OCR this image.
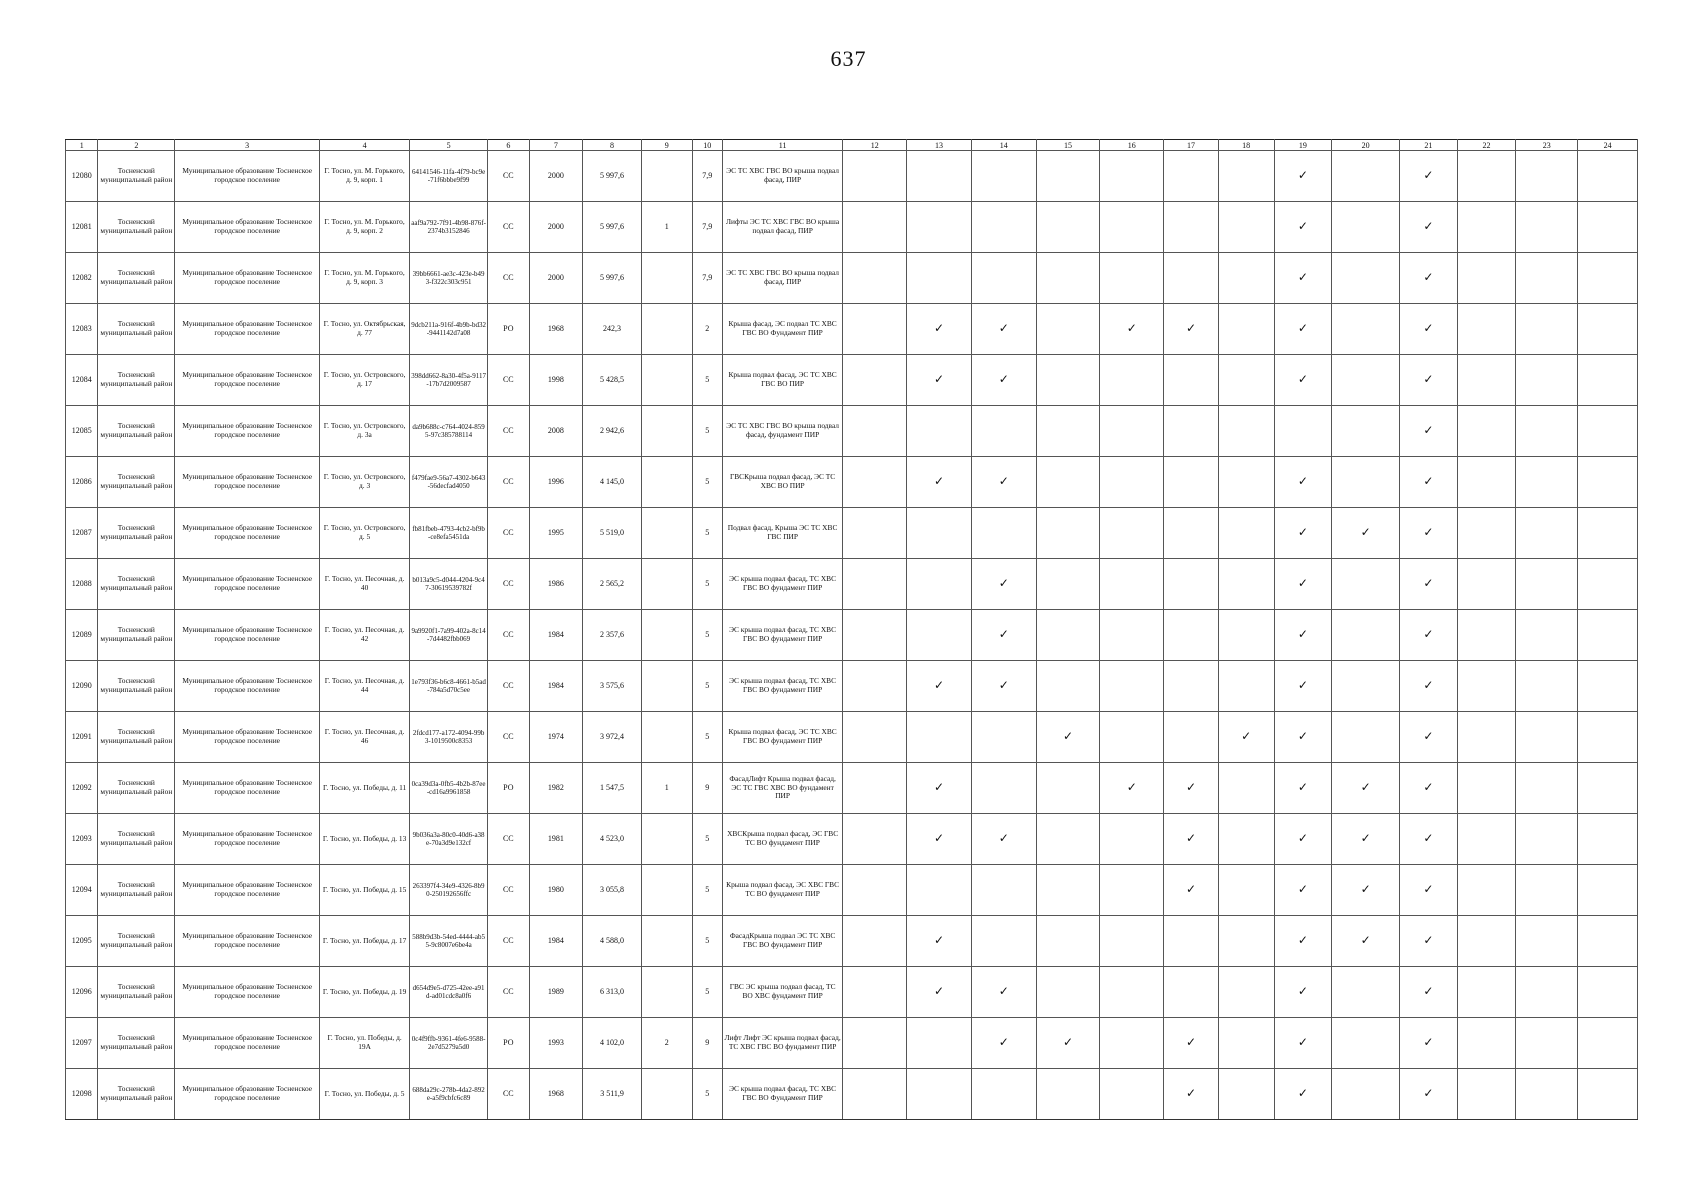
637
1	2	3	4	5	6	7	8	9	10	11	12	13	14	15	16	17	18	19	20	21	22	23	24
12080	Тосненский муниципальный район	Муниципальное образование Тосненское городское поселение	Г. Тосно, ул. М. Горького, д. 9, корп. 1	64141546-11fa-4f79-bc9e-71f6bbbe9f99	СС	2000	5 997,6		7,9	ЭС ТС ХВС ГВС ВО крыша подвал фасад, ПИР								✓		✓			
12081	Тосненский муниципальный район	Муниципальное образование Тосненское городское поселение	Г. Тосно, ул. М. Горького, д. 9, корп. 2	aaf9a792-7f91-4b98-876f-2374b3152846	СС	2000	5 997,6	1	7,9	Лифты ЭС ТС ХВС ГВС ВО крыша подвал фасад, ПИР								✓		✓			
12082	Тосненский муниципальный район	Муниципальное образование Тосненское городское поселение	Г. Тосно, ул. М. Горького, д. 9, корп. 3	39bb6661-ae3c-423e-b493-f322c303c951	СС	2000	5 997,6		7,9	ЭС ТС ХВС ГВС ВО крыша подвал фасад, ПИР								✓		✓			
12083	Тосненский муниципальный район	Муниципальное образование Тосненское городское поселение	Г. Тосно, ул. Октябрьская, д. 77	9dcb211a-916f-4b9b-bd32-9441142d7a08	РО	1968	242,3		2	Крыша фасад, ЭС подвал ТС ХВС ГВС ВО Фундамент ПИР		✓	✓		✓	✓		✓		✓			
12084	Тосненский муниципальный район	Муниципальное образование Тосненское городское поселение	Г. Тосно, ул. Островского, д. 17	398dd662-8a30-4f5a-9117-17b7d2009587	СС	1998	5 428,5		5	Крыша подвал фасад, ЭС ТС ХВС ГВС ВО ПИР		✓	✓					✓		✓			
12085	Тосненский муниципальный район	Муниципальное образование Тосненское городское поселение	Г. Тосно, ул. Островского, д. 3а	da9b688c-c764-4024-8595-97c385788114	СС	2008	2 942,6		5	ЭС ТС ХВС ГВС ВО крыша подвал фасад, фундамент ПИР										✓			
12086	Тосненский муниципальный район	Муниципальное образование Тосненское городское поселение	Г. Тосно, ул. Островского, д. 3	f479fae9-56a7-4302-b643-56decfad4050	СС	1996	4 145,0		5	ГВСКрыша подвал фасад, ЭС ТС ХВС ВО ПИР		✓	✓					✓		✓			
12087	Тосненский муниципальный район	Муниципальное образование Тосненское городское поселение	Г. Тосно, ул. Островского, д. 5	fb81fbeb-4793-4cb2-bf9b-ce8efa5451da	СС	1995	5 519,0		5	Подвал фасад, Крыша ЭС ТС ХВС ГВС ПИР								✓	✓	✓			
12088	Тосненский муниципальный район	Муниципальное образование Тосненское городское поселение	Г. Тосно, ул. Песочная, д. 40	b013a9c5-d044-4204-9c47-30619539782f	СС	1986	2 565,2		5	ЭС крыша подвал фасад, ТС ХВС ГВС ВО фундамент ПИР			✓					✓		✓			
12089	Тосненский муниципальный район	Муниципальное образование Тосненское городское поселение	Г. Тосно, ул. Песочная, д. 42	9a9920f1-7a99-402a-8c14-7d4482fbb069	СС	1984	2 357,6		5	ЭС крыша подвал фасад, ТС ХВС ГВС ВО фундамент ПИР			✓					✓		✓			
12090	Тосненский муниципальный район	Муниципальное образование Тосненское городское поселение	Г. Тосно, ул. Песочная, д. 44	1e793f36-b6c8-4661-b5ad-784a5d70c5ee	СС	1984	3 575,6		5	ЭС крыша подвал фасад, ТС ХВС ГВС ВО фундамент ПИР		✓	✓					✓		✓			
12091	Тосненский муниципальный район	Муниципальное образование Тосненское городское поселение	Г. Тосно, ул. Песочная, д. 46	2fdcd177-a172-4094-99b3-1019500c8353	СС	1974	3 972,4		5	Крыша подвал фасад, ЭС ТС ХВС ГВС ВО фундамент ПИР				✓			✓	✓		✓			
12092	Тосненский муниципальный район	Муниципальное образование Тосненское городское поселение	Г. Тосно, ул. Победы, д. 11	0ca39d3a-0fb5-4b2b-87ee-cd16a9961858	РО	1982	1 547,5	1	9	ФасадЛифт Крыша подвал фасад, ЭС ТС ГВС ХВС ВО фундамент ПИР		✓			✓	✓		✓	✓	✓			
12093	Тосненский муниципальный район	Муниципальное образование Тосненское городское поселение	Г. Тосно, ул. Победы, д. 13	9b036a3a-80c0-40d6-a38e-70a3d9e132cf	СС	1981	4 523,0		5	ХВСКрыша подвал фасад, ЭС ГВС ТС ВО фундамент ПИР		✓	✓			✓		✓	✓	✓			
12094	Тосненский муниципальный район	Муниципальное образование Тосненское городское поселение	Г. Тосно, ул. Победы, д. 15	263397f4-34e9-4326-8b90-250192656ffc	СС	1980	3 055,8		5	Крыша подвал фасад, ЭС ХВС ГВС ТС ВО фундамент ПИР						✓		✓	✓	✓			
12095	Тосненский муниципальный район	Муниципальное образование Тосненское городское поселение	Г. Тосно, ул. Победы, д. 17	588b9d3b-54ed-4444-ab55-9c8007e6be4a	СС	1984	4 588,0		5	ФасадКрыша подвал ЭС ТС ХВС ГВС ВО фундамент ПИР		✓						✓	✓	✓			
12096	Тосненский муниципальный район	Муниципальное образование Тосненское городское поселение	Г. Тосно, ул. Победы, д. 19	d654d9e5-d725-42ee-a91d-ad01cdc8a0f6	СС	1989	6 313,0		5	ГВС ЭС крыша подвал фасад, ТС ВО ХВС фундамент ПИР		✓	✓					✓		✓			
12097	Тосненский муниципальный район	Муниципальное образование Тосненское городское поселение	Г. Тосно, ул. Победы, д. 19А	0c4f9ffb-9361-4fe6-9588-2e7d5279a5d0	РО	1993	4 102,0	2	9	Лифт Лифт ЭС крыша подвал фасад, ТС ХВС ГВС ВО фундамент ПИР			✓	✓		✓		✓		✓			
12098	Тосненский муниципальный район	Муниципальное образование Тосненское городское поселение	Г. Тосно, ул. Победы, д. 5	688da29c-278b-4da2-892e-a5f9cbfc6c89	СС	1968	3 511,9		5	ЭС крыша подвал фасад, ТС ХВС ГВС ВО Фундамент ПИР						✓		✓		✓			
